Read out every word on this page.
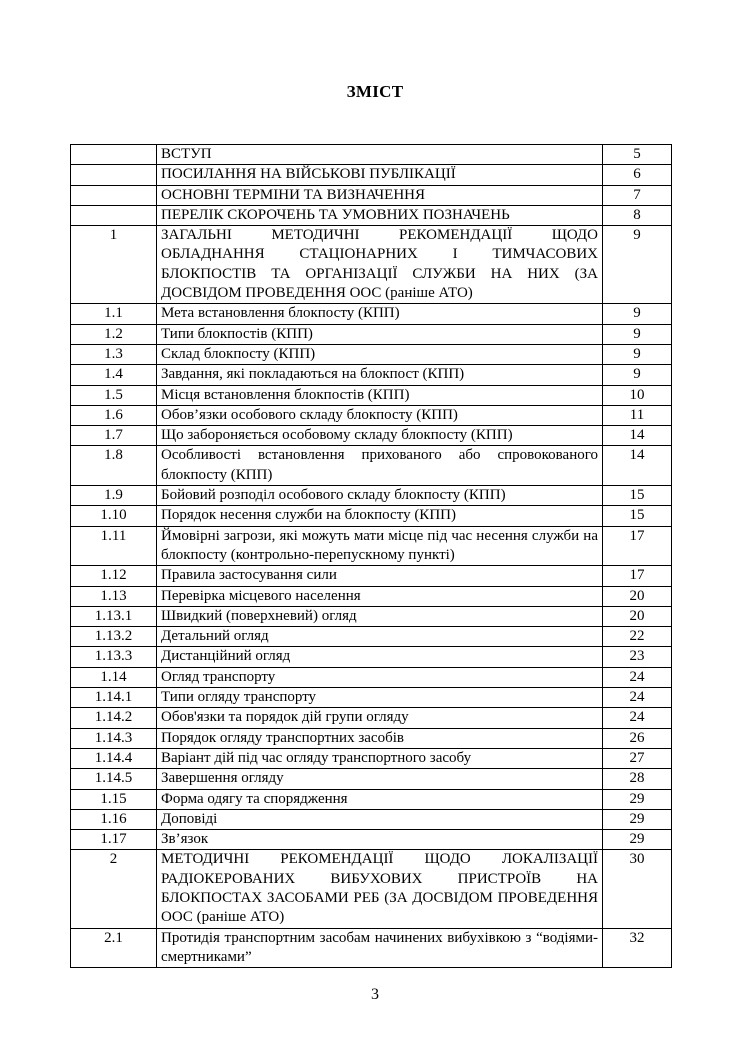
ЗМІСТ
	ВСТУП	5
	ПОСИЛАННЯ НА ВІЙСЬКОВІ ПУБЛІКАЦІЇ	6
	ОСНОВНІ ТЕРМІНИ ТА ВИЗНАЧЕННЯ	7
	ПЕРЕЛІК СКОРОЧЕНЬ ТА УМОВНИХ ПОЗНАЧЕНЬ	8
1	ЗАГАЛЬНІ МЕТОДИЧНІ РЕКОМЕНДАЦІЇ ЩОДО ОБЛАДНАННЯ СТАЦІОНАРНИХ І ТИМЧАСОВИХ БЛОКПОСТІВ ТА ОРГАНІЗАЦІЇ СЛУЖБИ НА НИХ (ЗА ДОСВІДОМ ПРОВЕДЕННЯ ООС (раніше АТО)	9
1.1	Мета встановлення блокпосту (КПП)	9
1.2	Типи блокпостів (КПП)	9
1.3	Склад блокпосту (КПП)	9
1.4	Завдання, які покладаються на блокпост (КПП)	9
1.5	Місця встановлення блокпостів (КПП)	10
1.6	Обов’язки особового складу блокпосту (КПП)	11
1.7	Що забороняється особовому складу блокпосту (КПП)	14
1.8	Особливості встановлення прихованого або спровокованого блокпосту (КПП)	14
1.9	Бойовий розподіл особового складу блокпосту (КПП)	15
1.10	Порядок несення служби на блокпосту (КПП)	15
1.11	Ймовірні загрози, які можуть мати місце під час несення служби на блокпосту (контрольно-перепускному пункті)	17
1.12	Правила застосування сили	17
1.13	Перевірка місцевого населення	20
1.13.1	Швидкий (поверхневий) огляд	20
1.13.2	Детальний огляд	22
1.13.3	Дистанційний огляд	23
1.14	Огляд транспорту	24
1.14.1	Типи огляду транспорту	24
1.14.2	Обов'язки та порядок дій групи огляду	24
1.14.3	Порядок огляду транспортних засобів	26
1.14.4	Варіант дій під час огляду транспортного засобу	27
1.14.5	Завершення огляду	28
1.15	Форма одягу та спорядження	29
1.16	Доповіді	29
1.17	Зв’язок	29
2	МЕТОДИЧНІ РЕКОМЕНДАЦІЇ ЩОДО ЛОКАЛІЗАЦІЇ РАДІОКЕРОВАНИХ ВИБУХОВИХ ПРИСТРОЇВ НА БЛОКПОСТАХ ЗАСОБАМИ РЕБ (ЗА ДОСВІДОМ ПРОВЕДЕННЯ ООС (раніше АТО)	30
2.1	Протидія транспортним засобам начинених вибухівкою з “водіями-смертниками”	32
3
